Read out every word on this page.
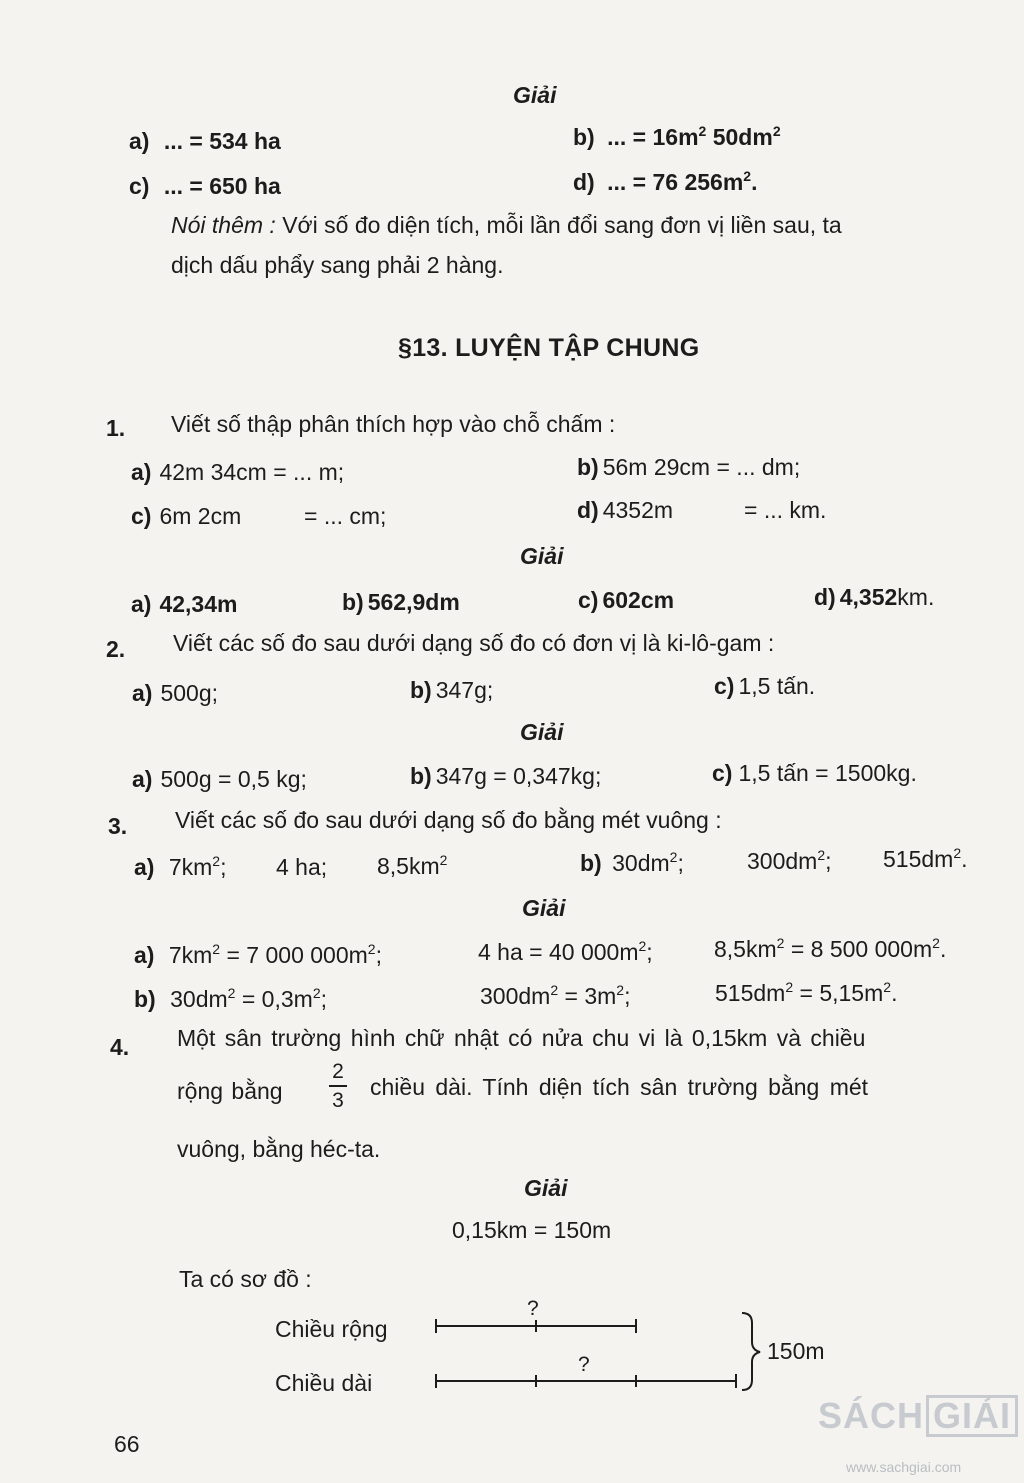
Giải
a) ... = 534 ha	b) ... = $16m^2$ $50dm^2$
c) ... = 650 ha	d) ... = 76 $256m^2$.
Nói thêm : Với số đo diện tích, mỗi lần đổi sang đơn vị liền sau, ta
dịch dấu phẩy sang phải 2 hàng.
§13. LUYỆN TẬP CHUNG
1. Viết số thập phân thích hợp vào chỗ chấm :
a) 42m 34cm = ... m;	b) 56m 29cm = ... dm;
c) 6m 2cm	= ... cm;	d) 4352m	= ... km.
Giải
a) 42,34m	b) 562,9dm	c) 602cm	d) 4,352km.
2. Viết các số đo sau dưới dạng số đo có đơn vị là ki-lô-gam :
a) 500g;	b) 347g;	c) 1,5 tấn.
Giải
a) 500g = 0,5 kg;	b) 347g = 0,347kg;	c) 1,5 tấn = 1500kg.
3. Viết các số đo sau dưới dạng số đo bằng mét vuông :
a) $7km^2$; 4 ha; $8,5km^2$	b) $30dm^2$;	$300dm^2$; $515dm^2$.
Giải
a) $7km^2 = 7$ 000 $000m^2$;	4 ha = 40 $000m^2$;	$8,5km^2 = 8$ 500 $000m^2$.
b) $30dm^2 = 0,3m^2$;	$300dm^2 = 3m^2$;	$515dm^2 = 5,15m^2$.
4. Một sân trường hình chữ nhật có nửa chu vi là 0,15km và chiều
rộng bằng
2
3
chiều dài. Tính diện tích sân trường bằng mét
vuông, bằng héc-ta.
Giải
0,15km = 150m
Ta có sơ đồ :
Chiều rộng
Chiều dài
?
?
150m
66
SÁCH GIẢI
www.sachgiai.com
